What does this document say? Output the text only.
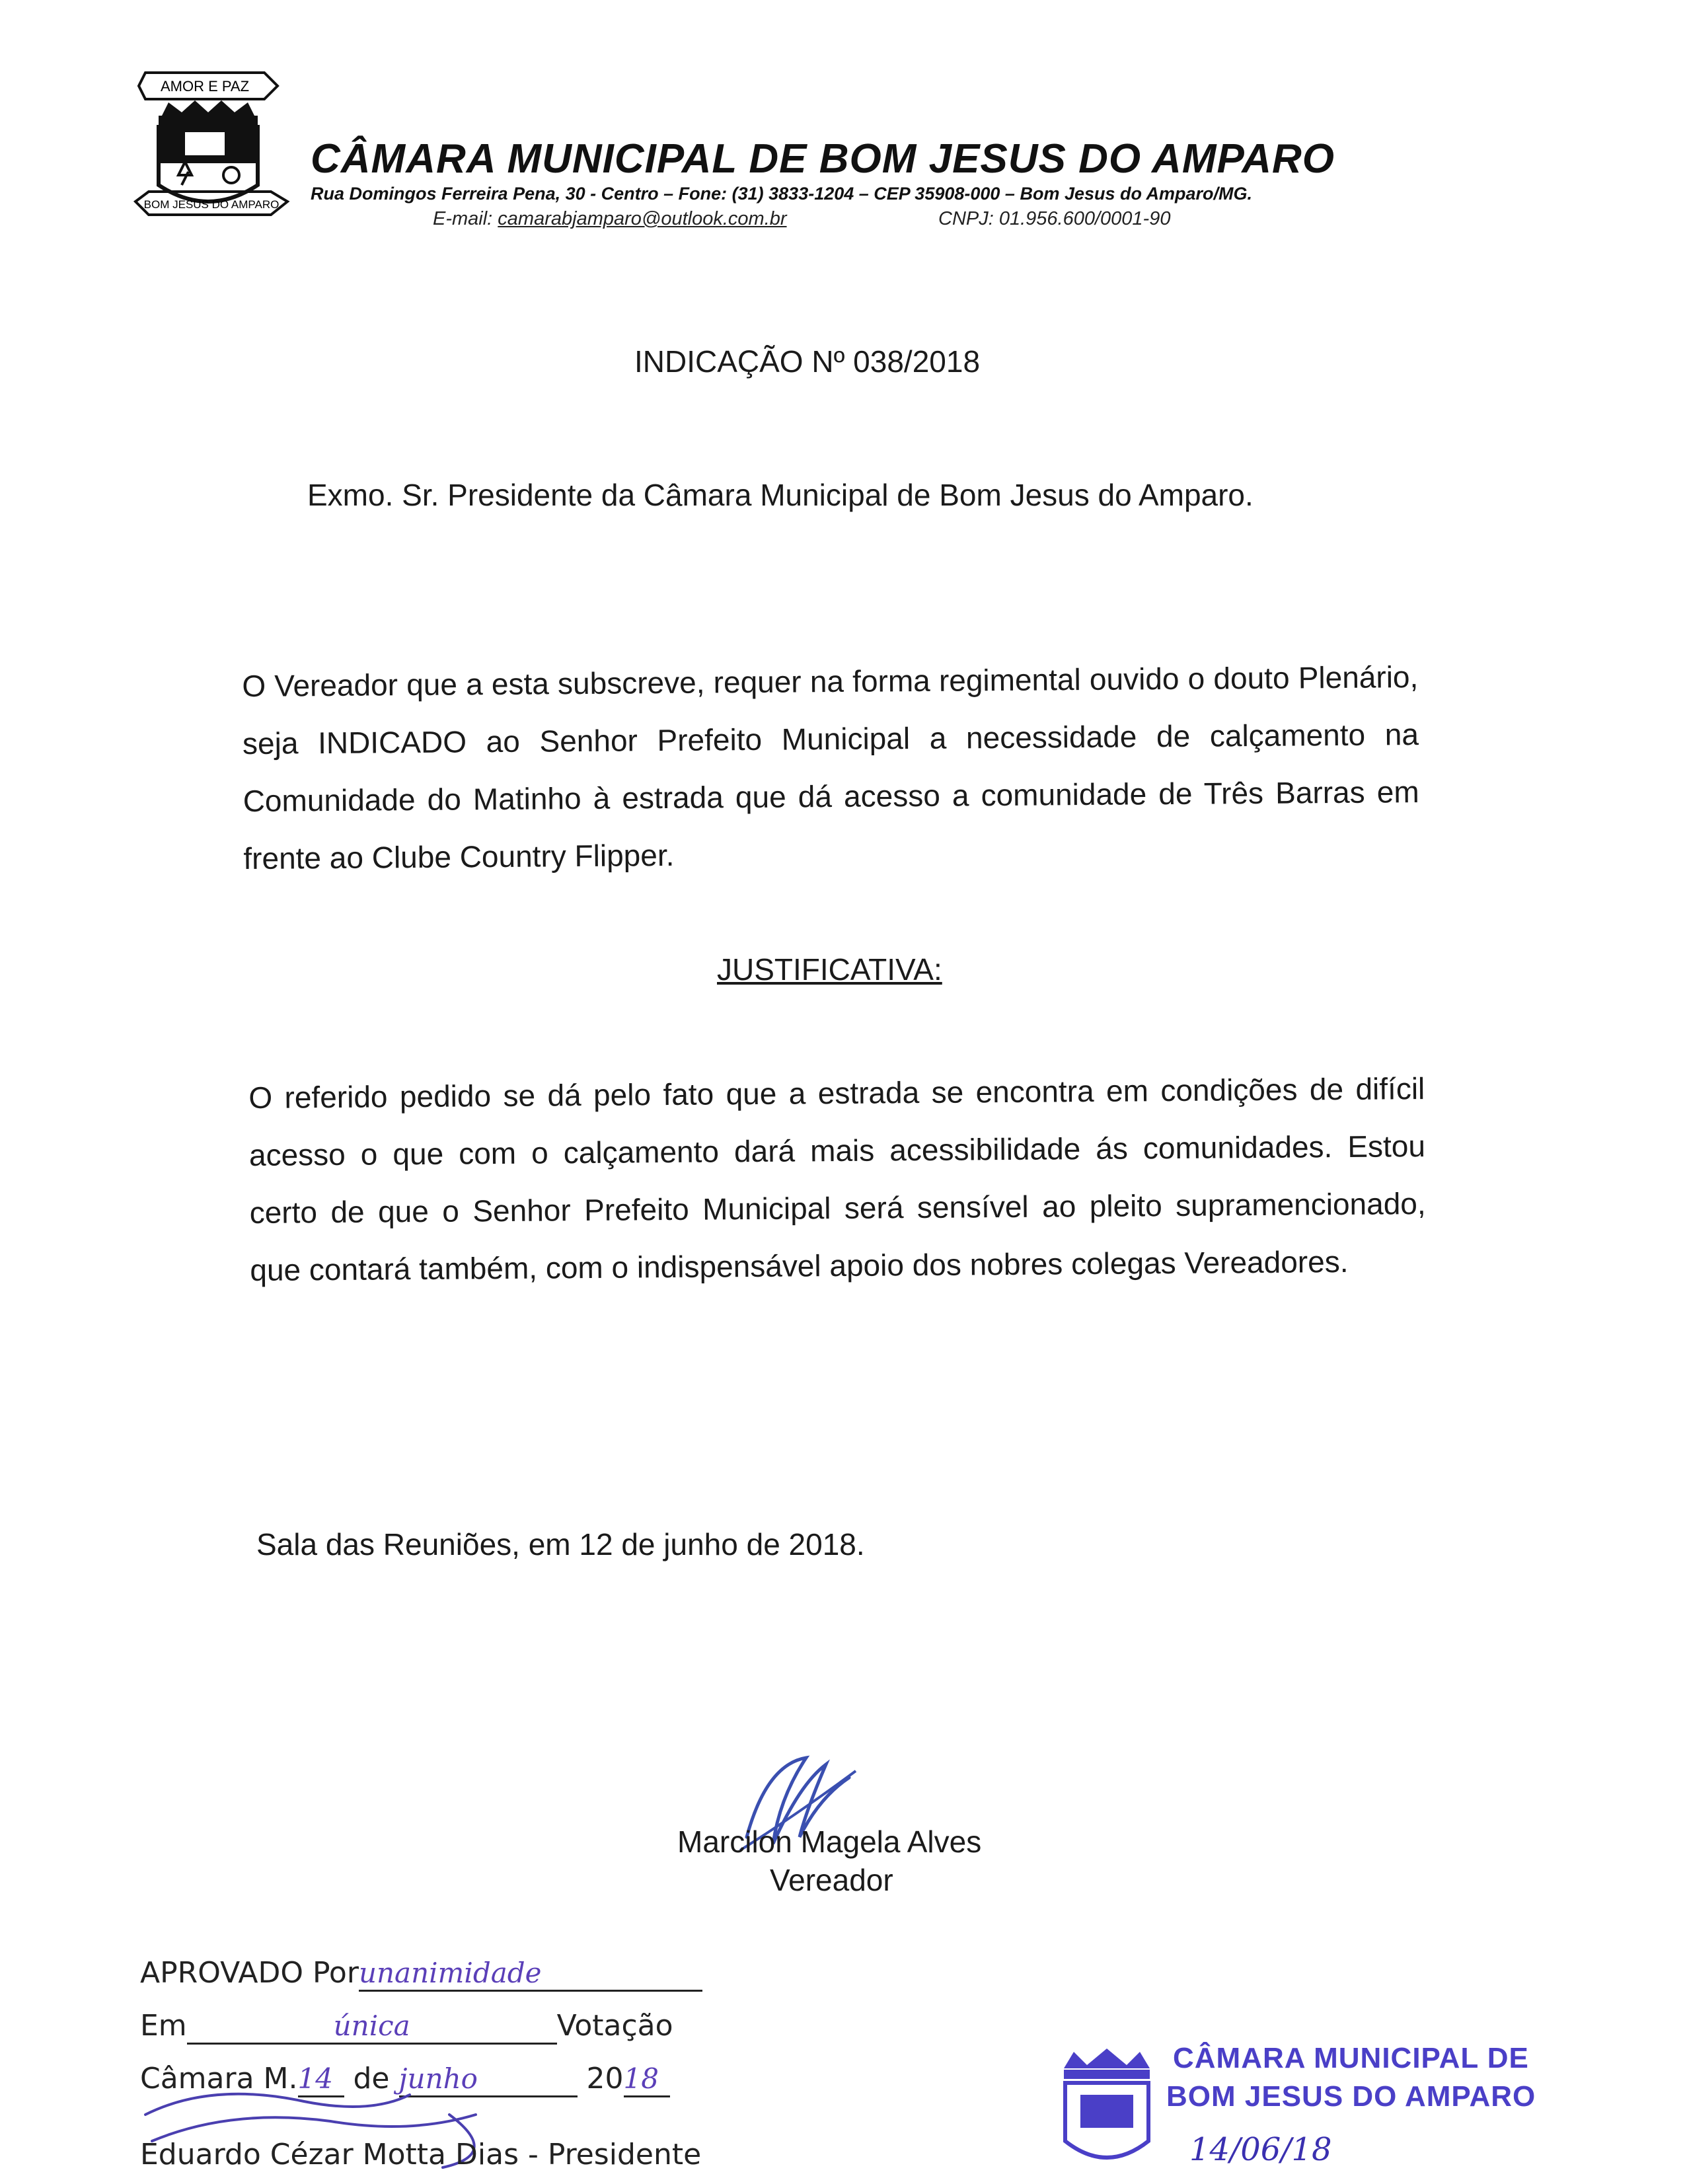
AMOR E PAZ
BOM JESUS DO AMPARO
CÂMARA MUNICIPAL DE BOM JESUS DO AMPARO
Rua Domingos Ferreira Pena, 30 - Centro – Fone: (31) 3833-1204 – CEP 35908-000 – Bom Jesus do Amparo/MG.
E-mail: camarabjamparo@outlook.com.br	CNPJ: 01.956.600/0001-90
INDICAÇÃO Nº 038/2018
Exmo. Sr. Presidente da Câmara Municipal de Bom Jesus do Amparo.
O Vereador que a esta subscreve, requer na forma regimental ouvido o douto Plenário, seja INDICADO ao Senhor Prefeito Municipal a necessidade de calçamento na Comunidade do Matinho à estrada que dá acesso a comunidade de Três Barras em frente ao Clube Country Flipper.
JUSTIFICATIVA:
O referido pedido se dá pelo fato que a estrada se encontra em condições de difícil acesso o que com o calçamento dará mais acessibilidade ás comunidades. Estou certo de que o Senhor Prefeito Municipal será sensível ao pleito supramencionado, que contará também, com o indispensável apoio dos nobres colegas Vereadores.
Sala das Reuniões, em 12 de junho de 2018.
Marcilon Magela Alves
Vereador
APROVADO Porunanimidade
Em	única	Votação
Câmara M.14 de junho	2018
Eduardo Cézar Motta Dias - Presidente
CÂMARA MUNICIPAL DE
BOM JESUS DO AMPARO
14/06/18
